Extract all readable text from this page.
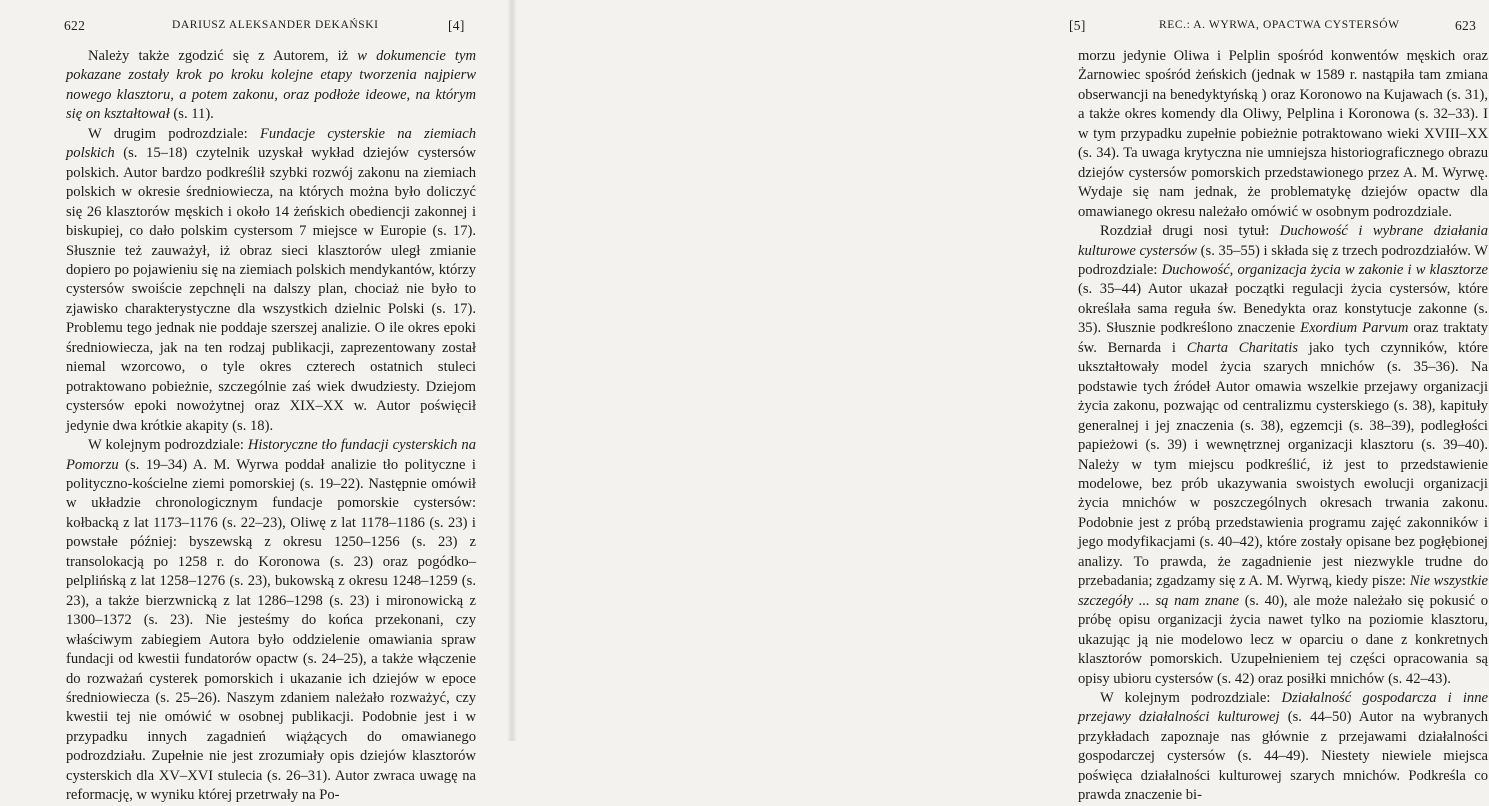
622	DARIUSZ ALEKSANDER DEKAŃSKI	[4]

Należy także zgodzić się z Autorem, iż w dokumencie tym pokazane zostały krok po kroku kolejne etapy tworzenia najpierw nowego klasztoru, a potem zakonu, oraz podłoże ideowe, na którym się on kształtował (s. 11).

W drugim podrozdziale: Fundacje cysterskie na ziemiach polskich (s. 15–18) czytelnik uzyskał wykład dziejów cystersów polskich. Autor bardzo podkreślił szybki rozwój zakonu na ziemiach polskich w okresie średniowiecza, na których można było doliczyć się 26 klasztorów męskich i około 14 żeńskich obediencji zakonnej i biskupiej, co dało polskim cystersom 7 miejsce w Europie (s. 17). Słusznie też zauważył, iż obraz sieci klasztorów uległ zmianie dopiero po pojawieniu się na ziemiach polskich mendykantów, którzy cystersów swoiście zepchnęli na dalszy plan, chociaż nie było to zjawisko charakterystyczne dla wszystkich dzielnic Polski (s. 17). Problemu tego jednak nie poddaje szerszej analizie. O ile okres epoki średniowiecza, jak na ten rodzaj publikacji, zaprezentowany został niemal wzorcowo, o tyle okres czterech ostatnich stuleci potraktowano pobieżnie, szczególnie zaś wiek dwudziesty. Dziejom cystersów epoki nowożytnej oraz XIX–XX w. Autor poświęcił jedynie dwa krótkie akapity (s. 18).

W kolejnym podrozdziale: Historyczne tło fundacji cysterskich na Pomorzu (s. 19–34) A. M. Wyrwa poddał analizie tło polityczne i polityczno-kościelne ziemi pomorskiej (s. 19–22). Następnie omówił w układzie chronologicznym fundacje pomorskie cystersów: kołbacką z lat 1173–1176 (s. 22–23), Oliwę z lat 1178–1186 (s. 23) i powstałe później: byszewską z okresu 1250–1256 (s. 23) z transolokacją po 1258 r. do Koronowa (s. 23) oraz pogódko–pelplińską z lat 1258–1276 (s. 23), bukowską z okresu 1248–1259 (s. 23), a także bierzwnicką z lat 1286–1298 (s. 23) i mironowicką z 1300–1372 (s. 23). Nie jesteśmy do końca przekonani, czy właściwym zabiegiem Autora było oddzielenie omawiania spraw fundacji od kwestii fundatorów opactw (s. 24–25), a także włączenie do rozważań cysterek pomorskich i ukazanie ich dziejów w epoce średniowiecza (s. 25–26). Naszym zdaniem należało rozważyć, czy kwestii tej nie omówić w osobnej publikacji. Podobnie jest i w przypadku innych zagadnień wiążących do omawianego podrozdziału. Zupełnie nie jest zrozumiały opis dziejów klasztorów cysterskich dla XV–XVI stulecia (s. 26–31). Autor zwraca uwagę na reformację, w wyniku której przetrwały na Po-

[5]	REC.: A. WYRWA, OPACTWA CYSTERSÓW	623

morzu jedynie Oliwa i Pelplin spośród konwentów męskich oraz Żarnowiec spośród żeńskich (jednak w 1589 r. nastąpiła tam zmiana obserwancji na benedyktyńską ) oraz Koronowo na Kujawach (s. 31), a także okres komendy dla Oliwy, Pelplina i Koronowa (s. 32–33). I w tym przypadku zupełnie pobieżnie potraktowano wieki XVIII–XX (s. 34). Ta uwaga krytyczna nie umniejsza historiograficznego obrazu dziejów cystersów pomorskich przedstawionego przez A. M. Wyrwę. Wydaje się nam jednak, że problematykę dziejów opactw dla omawianego okresu należało omówić w osobnym podrozdziale.

Rozdział drugi nosi tytuł: Duchowość i wybrane działania kulturowe cystersów (s. 35–55) i składa się z trzech podrozdziałów. W podrozdziale: Duchowość, organizacja życia w zakonie i w klasztorze (s. 35–44) Autor ukazał początki regulacji życia cystersów, które określała sama reguła św. Benedykta oraz konstytucje zakonne (s. 35). Słusznie podkreślono znaczenie Exordium Parvum oraz traktaty św. Bernarda i Charta Charitatis jako tych czynników, które ukształtowały model życia szarych mnichów (s. 35–36). Na podstawie tych źródeł Autor omawia wszelkie przejawy organizacji życia zakonu, pozwając od centralizmu cysterskiego (s. 38), kapituły generalnej i jej znaczenia (s. 38), egzemcji (s. 38–39), podległości papieżowi (s. 39) i wewnętrznej organizacji klasztoru (s. 39–40). Należy w tym miejscu podkreślić, iż jest to przedstawienie modelowe, bez prób ukazywania swoistych ewolucji organizacji życia mnichów w poszczególnych okresach trwania zakonu. Podobnie jest z próbą przedstawienia programu zajęć zakonników i jego modyfikacjami (s. 40–42), które zostały opisane bez pogłębionej analizy. To prawda, że zagadnienie jest niezwykle trudne do przebadania; zgadzamy się z A. M. Wyrwą, kiedy pisze: Nie wszystkie szczegóły ... są nam znane (s. 40), ale może należało się pokusić o próbę opisu organizacji życia nawet tylko na poziomie klasztoru, ukazując ją nie modelowo lecz w oparciu o dane z konkretnych klasztorów pomorskich. Uzupełnieniem tej części opracowania są opisy ubioru cystersów (s. 42) oraz posiłki mnichów (s. 42–43).

W kolejnym podrozdziale: Działalność gospodarcza i inne przejawy działalności kulturowej (s. 44–50) Autor na wybranych przykładach zapoznaje nas głównie z przejawami działalności gospodarczej cystersów (s. 44–49). Niestety niewiele miejsca poświęca działalności kulturowej szarych mnichów. Podkreśla co prawda znaczenie bi-
